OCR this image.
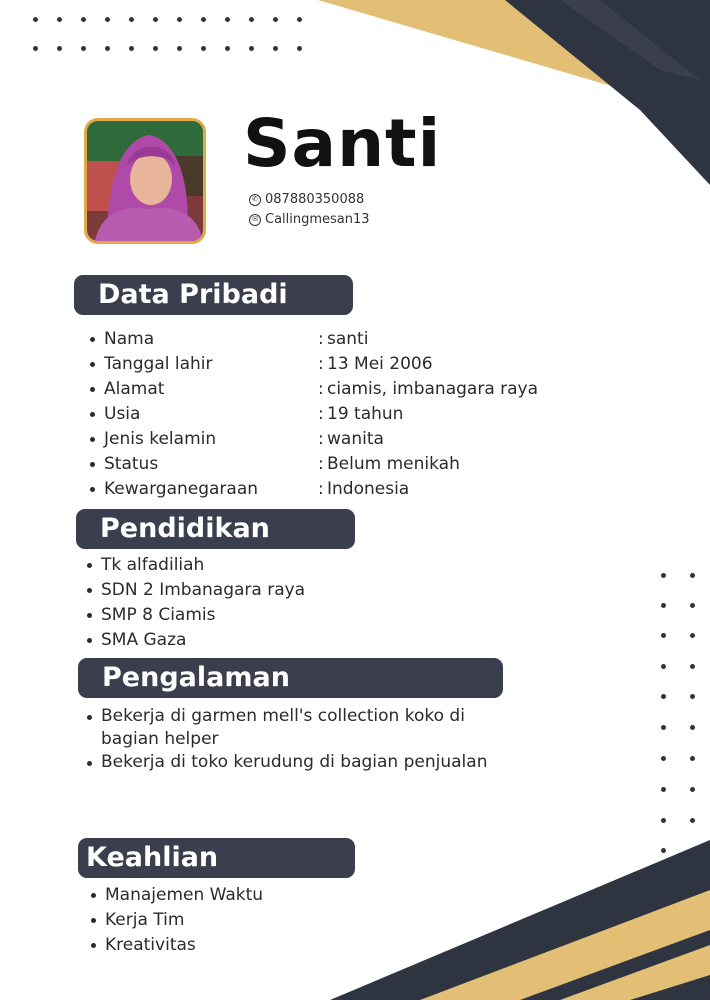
Santi
✆ 087880350088
✉ Callingmesan13
Data Pribadi
Nama	: santi
Tanggal lahir	: 13 Mei 2006
Alamat	: ciamis, imbanagara raya
Usia	: 19 tahun
Jenis kelamin	: wanita
Status	: Belum menikah
Kewarganegaraan	: Indonesia
Pendidikan
Tk alfadiliah
SDN 2 Imbanagara raya
SMP 8 Ciamis
SMA Gaza
Pengalaman
Bekerja di garmen mell's collection koko di bagian helper
Bekerja di toko kerudung di bagian penjualan
Keahlian
Manajemen Waktu
Kerja Tim
Kreativitas
